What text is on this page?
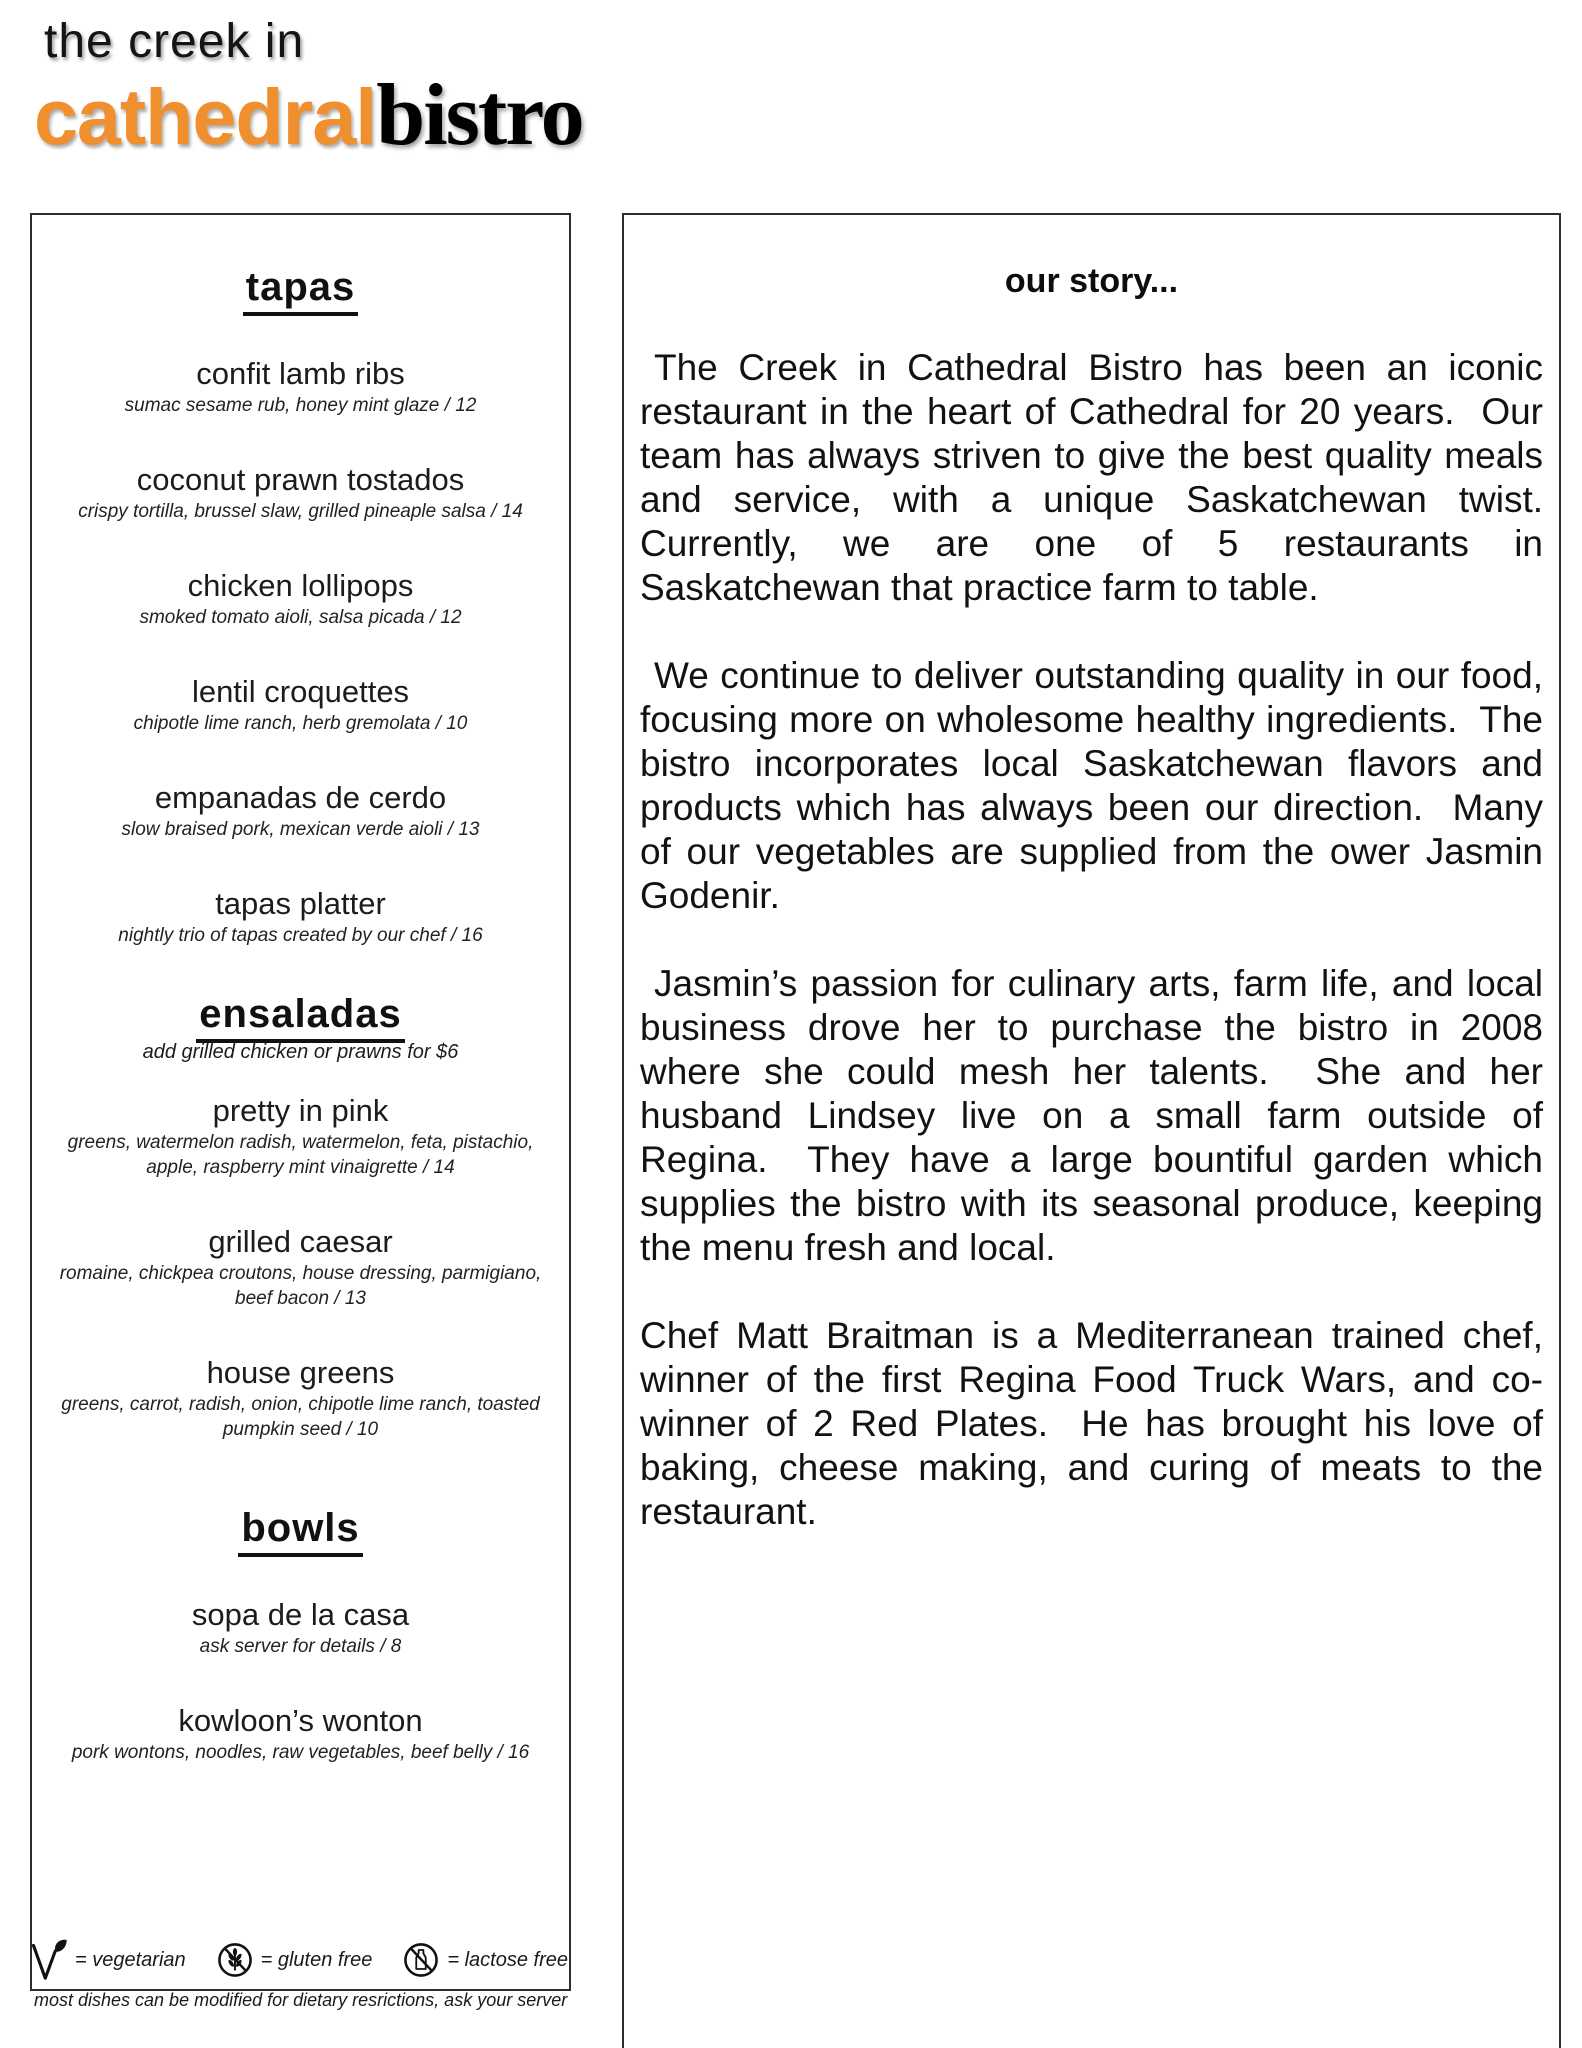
the creek in
cathedral bistro
tapas
confit lamb ribs
sumac sesame rub, honey mint glaze / 12
coconut prawn tostados
crispy tortilla, brussel slaw, grilled pineaple salsa / 14
chicken lollipops
smoked tomato aioli, salsa picada / 12
lentil croquettes
chipotle lime ranch, herb gremolata / 10
empanadas de cerdo
slow braised pork, mexican verde aioli / 13
tapas platter
nightly trio of tapas created by our chef / 16
ensaladas
add grilled chicken or prawns for $6
pretty in pink
greens, watermelon radish, watermelon, feta, pistachio, apple, raspberry mint vinaigrette / 14
grilled caesar
romaine, chickpea croutons, house dressing, parmigiano, beef bacon / 13
house greens
greens, carrot, radish, onion, chipotle lime ranch, toasted pumpkin seed / 10
bowls
sopa de la casa
ask server for details / 8
kowloon’s wonton
pork wontons, noodles, raw vegetables, beef belly / 16
= vegetarian	= gluten free	= lactose free
most dishes can be modified for dietary resrictions, ask your server
our story...

The Creek in Cathedral Bistro has been an iconic restaurant in the heart of Cathedral for 20 years.  Our team has always striven to give the best quality meals and service, with a unique Saskatchewan twist.  Currently, we are one of 5 restaurants in Saskatchewan that practice farm to table.

We continue to deliver outstanding quality in our food, focusing more on wholesome healthy ingredients.  The bistro incorporates local Saskatchewan flavors and products which has always been our direction.  Many of our vegetables are supplied from the ower Jasmin Godenir.

Jasmin’s passion for culinary arts, farm life, and local business drove her to purchase the bistro in 2008 where she could mesh her talents.  She and her husband Lindsey live on a small farm outside of Regina.  They have a large bountiful garden which supplies the bistro with its seasonal produce, keeping the menu fresh and local.

Chef Matt Braitman is a Mediterranean trained chef, winner of the first Regina Food Truck Wars, and co-winner of 2 Red Plates.  He has brought his love of baking, cheese making, and curing of meats to the restaurant.
